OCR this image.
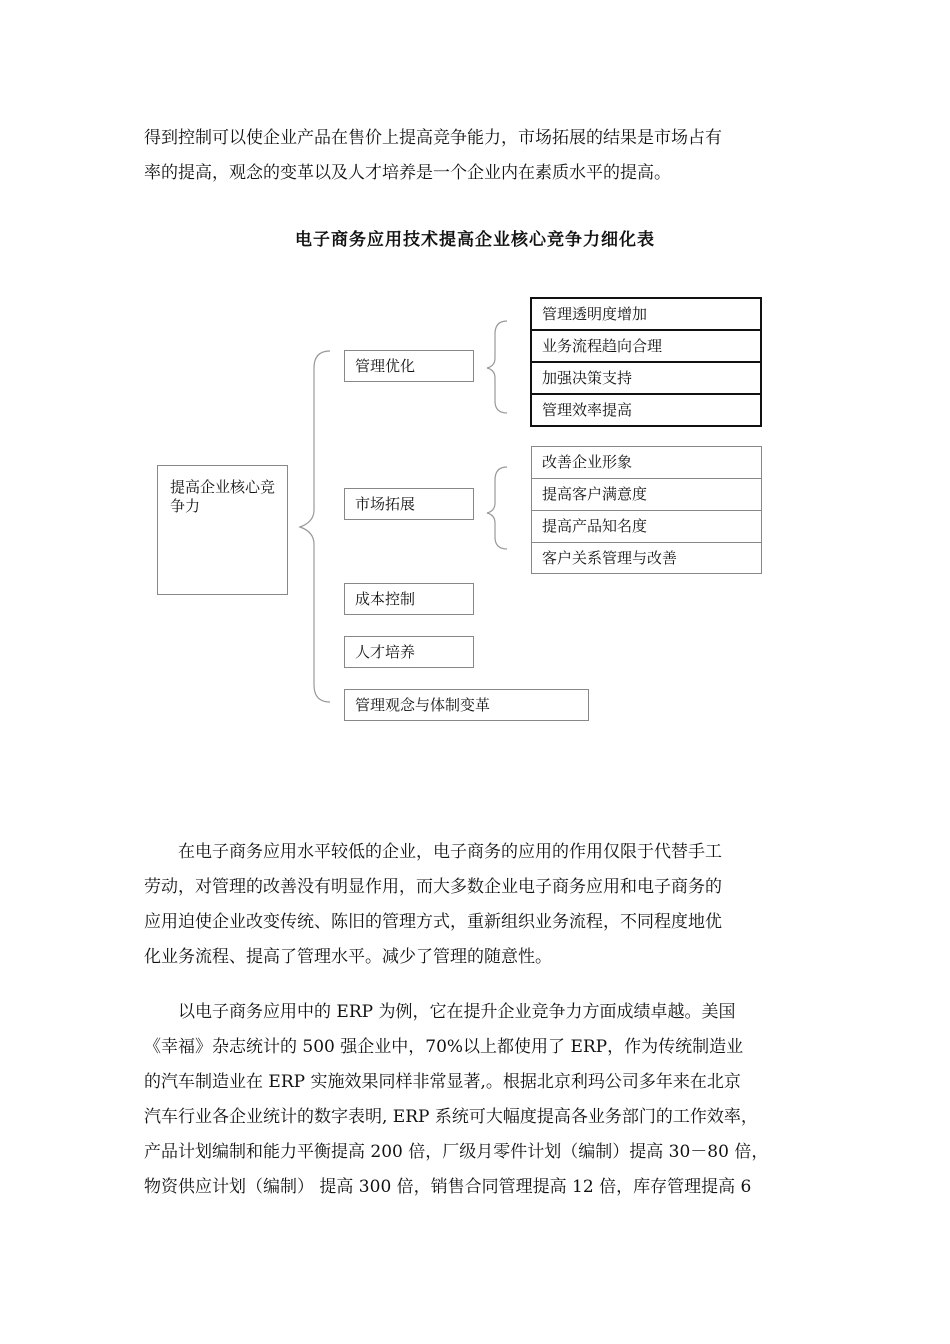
得到控制可以使企业产品在售价上提高竞争能力，市场拓展的结果是市场占有
率的提高，观念的变革以及人才培养是一个企业内在素质水平的提高。
电子商务应用技术提高企业核心竞争力细化表
提高企业核心竞争力
管理优化
市场拓展
成本控制
人才培养
管理观念与体制变革
管理透明度增加
业务流程趋向合理
加强决策支持
管理效率提高
改善企业形象
提高客户满意度
提高产品知名度
客户关系管理与改善
在电子商务应用水平较低的企业，电子商务的应用的作用仅限于代替手工
劳动，对管理的改善没有明显作用，而大多数企业电子商务应用和电子商务的
应用迫使企业改变传统、陈旧的管理方式，重新组织业务流程，不同程度地优
化业务流程、提高了管理水平。减少了管理的随意性。
以电子商务应用中的 ERP 为例，它在提升企业竞争力方面成绩卓越。美国
《幸福》杂志统计的 500 强企业中，70%以上都使用了 ERP，作为传统制造业
的汽车制造业在 ERP 实施效果同样非常显著,。根据北京利玛公司多年来在北京
汽车行业各企业统计的数字表明, ERP 系统可大幅度提高各业务部门的工作效率，
产品计划编制和能力平衡提高 200 倍，厂级月零件计划（编制）提高 30－80 倍，
物资供应计划（编制） 提高 300 倍，销售合同管理提高 12 倍，库存管理提高 6
